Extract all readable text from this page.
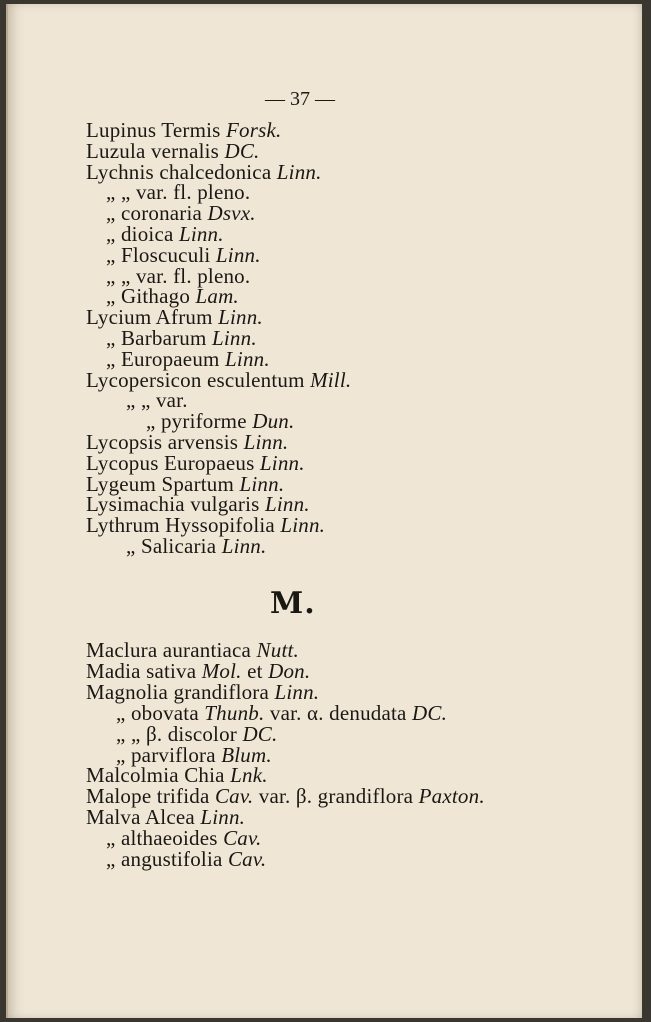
— 37 —
Lupinus Termis Forsk.
Luzula vernalis DC.
Lychnis chalcedonica Linn.
„ „ var. fl. pleno.
„ coronaria Dsvx.
„ dioica Linn.
„ Floscuculi Linn.
„ „ var. fl. pleno.
„ Githago Lam.
Lycium Afrum Linn.
„ Barbarum Linn.
„ Europaeum Linn.
Lycopersicon esculentum Mill.
„ „ var.
„ pyriforme Dun.
Lycopsis arvensis Linn.
Lycopus Europaeus Linn.
Lygeum Spartum Linn.
Lysimachia vulgaris Linn.
Lythrum Hyssopifolia Linn.
„ Salicaria Linn.
M.
Maclura aurantiaca Nutt.
Madia sativa Mol. et Don.
Magnolia grandiflora Linn.
„ obovata Thunb. var. α. denudata DC.
„ „ β. discolor DC.
„ parviflora Blum.
Malcolmia Chia Lnk.
Malope trifida Cav. var. β. grandiflora Paxton.
Malva Alcea Linn.
„ althaeoides Cav.
„ angustifolia Cav.
